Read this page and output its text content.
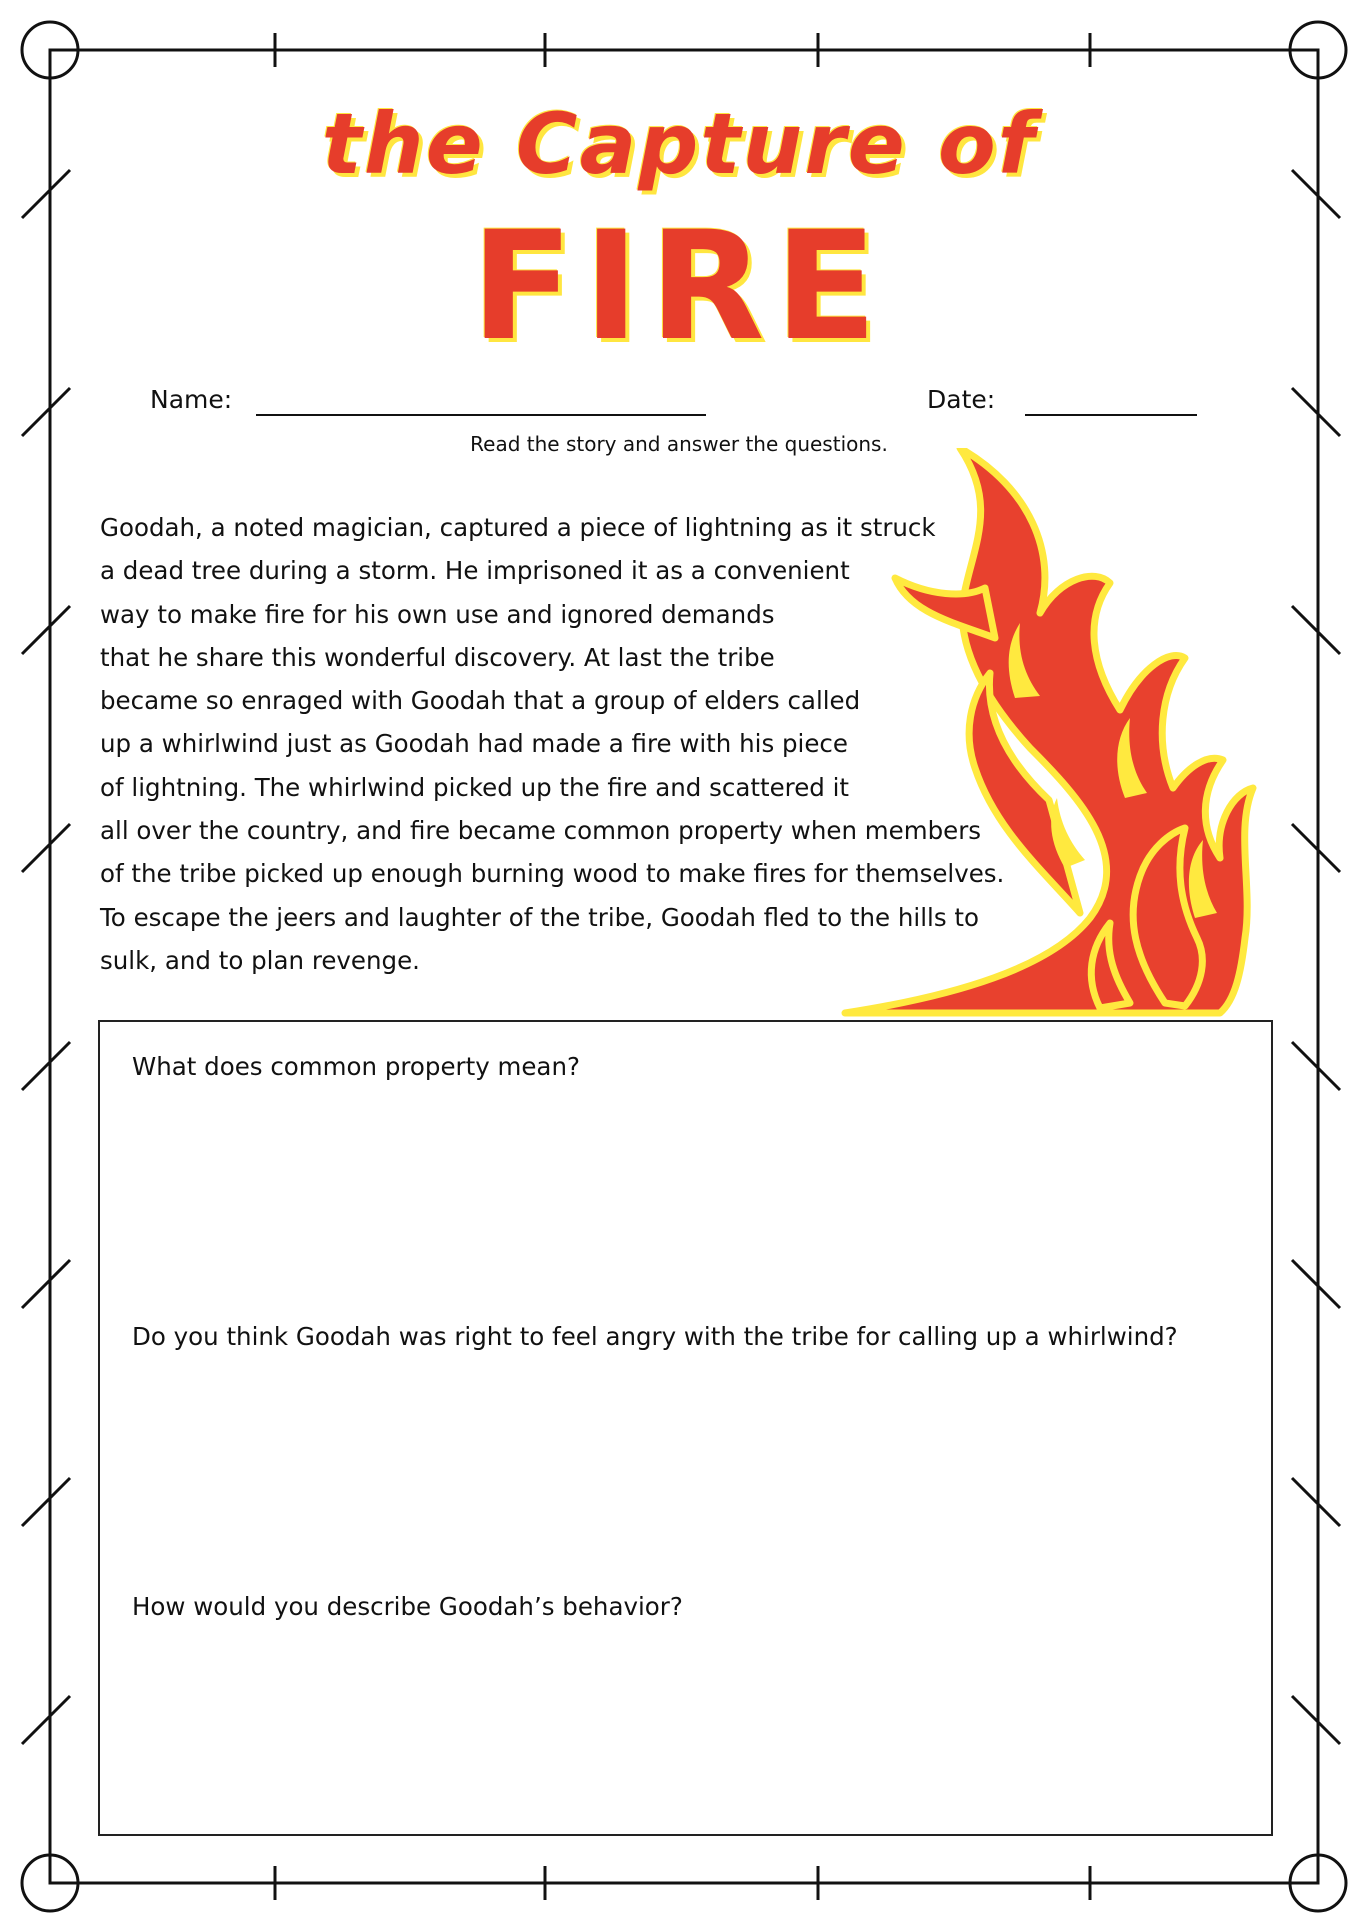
the Capture of
FIRE
Name:	Date:
Read the story and answer the questions.
Goodah, a noted magician, captured a piece of lightning as it struck
a dead tree during a storm. He imprisoned it as a convenient
way to make fire for his own use and ignored demands
that he share this wonderful discovery. At last the tribe
became so enraged with Goodah that a group of elders called
up a whirlwind just as Goodah had made a fire with his piece
of lightning. The whirlwind picked up the fire and scattered it
all over the country, and fire became common property when members
of the tribe picked up enough burning wood to make fires for themselves.
To escape the jeers and laughter of the tribe, Goodah fled to the hills to
sulk, and to plan revenge.
What does common property mean?
Do you think Goodah was right to feel angry with the tribe for calling up a whirlwind?
How would you describe Goodah’s behavior?
